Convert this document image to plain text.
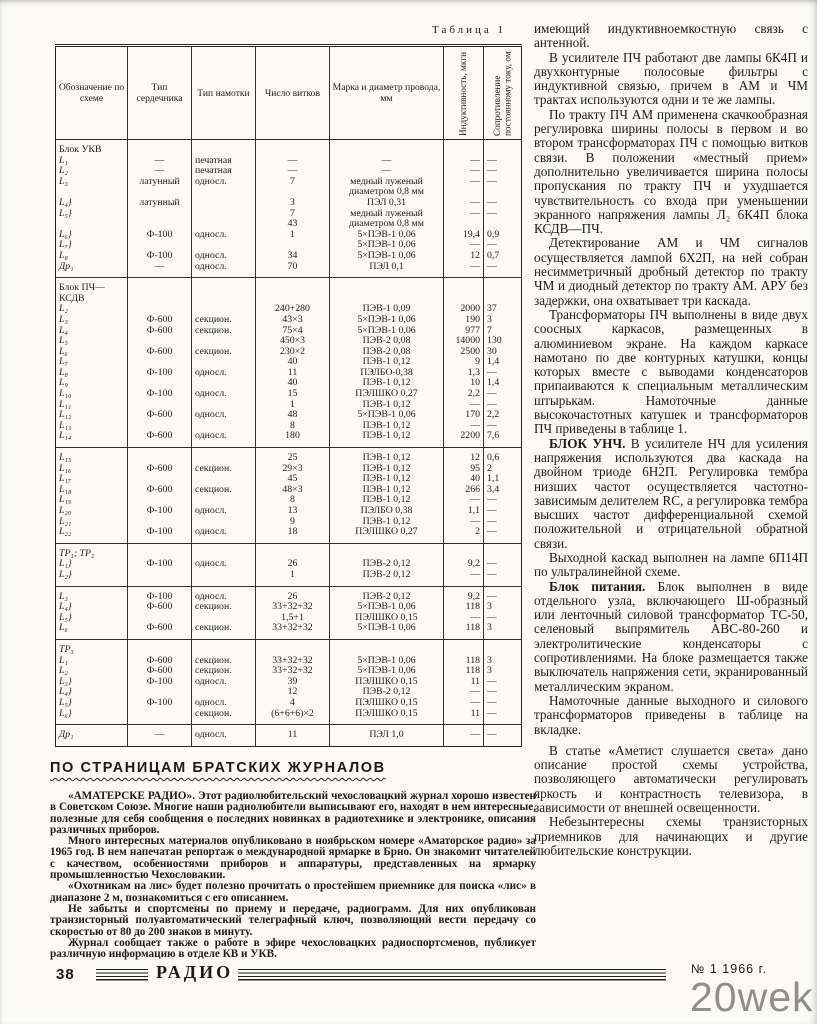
Таблица 1
Обозначение по схеме	Тип сердечника	Тип намотки	Число витков	Марка и диаметр провода, мм	Индуктивность, мкгн	Сопротивление постоянному току, ом

Блок УКВ						
L₁	—	печатная	—	—	—	—
L₂	—	печатная	—	—	—	—
L₃	латунный	односл.	7	медный луженый	—	—
				диаметром 0,8 мм		
L₄}	латунный		3	ПЭЛ 0,31	—	—
L₅}			7	медный луженый	—	—
			43	диаметром 0,8 мм		
L₆}	Ф-100	односл.	1	5×ПЭВ-1 0,06	19,4	0,9
L₇}				5×ПЭВ-1 0,06	—	—
L₈	Ф-100	односл.	34	5×ПЭВ-1 0,06	12	0,7
Др₁	—	односл.	70	ПЭЛ 0,1	—	—
Блок ПЧ—						
КСДВ						
L₂			240+280	ПЭВ-1 0,09	2000	37
L₃	Ф-600	секцион.	43×3	5×ПЭВ-1 0,06	190	3
L₄	Ф-600	секцион.	75×4	5×ПЭВ-1 0,06	977	7
L₅			450×3	ПЭВ-2 0,08	14000	130
L₆	Ф-600	секцион.	230×2	ПЭВ-2 0,08	2500	30
L₇			40	ПЭВ-1 0,12	9	1,4
L₈	Ф-100	односл.	11	ПЭЛБО-0,38	1,3	—
L₉			40	ПЭВ-1 0,12	10	1,4
L₁₀	Ф-100	односл.	15	ПЭЛШКО 0,27	2,2	—
L₁₁			1	ПЭВ-1 0,12	—	—
L₁₂	Ф-600	односл.	48	5×ПЭВ-1 0,06	170	2,2
L₁₃			8	ПЭВ-1 0,12	—	—
L₁₄	Ф-600	односл.	180	ПЭВ-1 0,12	2200	7,6
L₁₅			25	ПЭВ-1 0,12	12	0,6
L₁₆	Ф-600	секцион.	29×3	ПЭВ-1 0,12	95	2
L₁₇			45	ПЭВ-1 0,12	40	1,1
L₁₈	Ф-600	секцион.	48×3	ПЭВ-1 0,12	266	3,4
L₁₉			8	ПЭВ-1 0,12	—	—
L₂₀	Ф-100	односл.	13	ПЭЛБО 0,38	1,1	—
L₂₁			9	ПЭВ-1 0,12	—	—
L₂₂	Ф-100	односл.	18	ПЭЛШКО 0,27	2	—
ТР₁; ТР₂						
L₁}	Ф-100	односл.	26	ПЭВ-2 0,12	9,2	—
L₂}			1	ПЭВ-2 0,12	—	—
L₃	Ф-100	односл.	26	ПЭВ-2 0,12	9,2	—
L₄}	Ф-600	секцион.	33+32+32	5×ПЭВ-1 0,06	118	3
L₅}			1,5+1	ПЭЛШКО 0,15	—	—
L₆	Ф-600	секцион.	33+32+32	5×ПЭВ-1 0,06	118	3
ТР₃						
L₁	Ф-600	секцион.	33+32+32	5×ПЭВ-1 0,06	118	3
L₂	Ф-600	секцион.	33+32+32	5×ПЭВ-1 0,06	118	3
L₃}	Ф-100	односл.	39	ПЭЛШКО 0,15	11	—
L₄}			12	ПЭВ-2 0,12	—	—
L₅}	Ф-100	односл.	4	ПЭЛШКО 0,15	—	—
L₆}		секцион.	(6+6+6)×2	ПЭЛШКО 0,15	11	—
Др₁	—	односл.	11	ПЭЛ 1,0	—	—

имеющий индуктивноемкостную связь с антенной.

В усилителе ПЧ работают две лампы 6К4П и двухконтурные полосовые фильтры с индуктивной связью, причем в АМ и ЧМ трактах используются одни и те же лампы.

По тракту ПЧ АМ применена скачкообразная регулировка ширины полосы в первом и во втором трансформаторах ПЧ с помощью витков связи. В положении «местный прием» дополнительно увеличивается ширина полосы пропускания по тракту ПЧ и ухудшается чувствительность со входа при уменьшении экранного напряжения лампы Л₂ 6К4П блока КСДВ—ПЧ.

Детектирование АМ и ЧМ сигналов осуществляется лампой 6Х2П, на ней собран несимметричный дробный детектор по тракту ЧМ и диодный детектор по тракту АМ. АРУ без задержки, она охватывает три каскада.

Трансформаторы ПЧ выполнены в виде двух соосных каркасов, размещенных в алюминиевом экране. На каждом каркасе намотано по две контурных катушки, концы которых вместе с выводами конденсаторов припаиваются к специальным металлическим штырькам. Намоточные данные высокочастотных катушек и трансформаторов ПЧ приведены в таблице 1.

БЛОК УНЧ. В усилителе НЧ для усиления напряжения используются два каскада на двойном триоде 6Н2П. Регулировка тембра низших частот осуществляется частотно-зависимым делителем RC, а регулировка тембра высших частот дифференциальной схемой положительной и отрицательной обратной связи.

Выходной каскад выполнен на лампе 6П14П по ультралинейной схеме.

Блок питания. Блок выполнен в виде отдельного узла, включающего Ш-образный или ленточный силовой трансформатор ТС-50, селеновый выпрямитель АВС-80-260 и электролитические конденсаторы с сопротивлениями. На блоке размещается также выключатель напряжения сети, экранированный металлическим экраном.

Намоточные данные выходного и силового трансформаторов приведены в таблице на вкладке.

В статье «Аметист слушается света» дано описание простой схемы устройства, позволяющего автоматически регулировать яркость и контрастность телевизора, в зависимости от внешней освещенности.

Небезынтересны схемы транзисторных приемников для начинающих и другие любительские конструкции.

ПО СТРАНИЦАМ БРАТСКИХ ЖУРНАЛОВ

«АМАТЕРСКЕ РАДИО». Этот радиолюбительский чехословацкий журнал хорошо известен в Советском Союзе. Многие наши радиолюбители выписывают его, находят в нем интересные, полезные для себя сообщения о последних новинках в радиотехнике и электронике, описания различных приборов.

Много интересных материалов опубликовано в ноябрьском номере «Аматорское радио» за 1965 год. В нем напечатан репортаж о международной ярмарке в Брно. Он знакомит читателей с качеством, особенностями приборов и аппаратуры, представленных на ярмарку промышленностью Чехословакии.

«Охотникам на лис» будет полезно прочитать о простейшем приемнике для поиска «лис» в диапазоне 2 м, познакомиться с его описанием.

Не забыты и спортсмены по приему и передаче, радиограмм. Для них опубликован транзисторный полуавтоматический телеграфный ключ, позволяющий вести передачу со скоростью от 80 до 200 знаков в минуту.

Журнал сообщает также о работе в эфире чехословацких радиоспортсменов, публикует различную информацию в отделе КВ и УКВ.

38	РАДИО	№ 1 1966 г.
20wek
